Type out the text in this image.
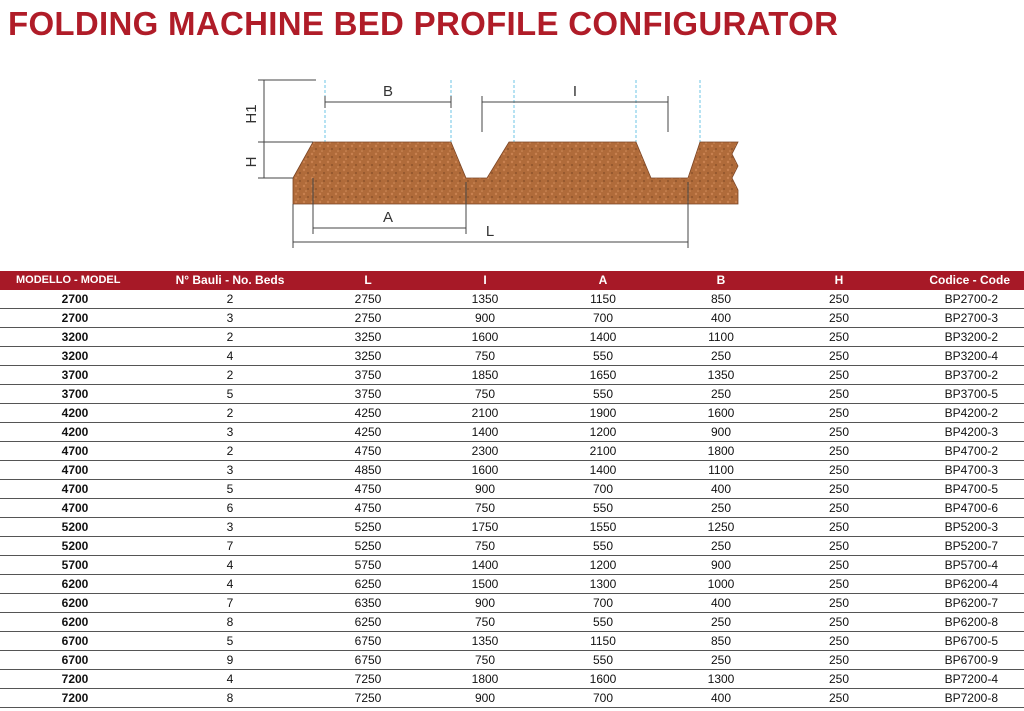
FOLDING MACHINE BED PROFILE CONFIGURATOR
B	I
A
L
H1
H
MODELLO - MODEL	N° Bauli - No. Beds	L	I	A	B	H	Codice - Code
2700	2	2750	1350	1150	850	250	BP2700-2
2700	3	2750	900	700	400	250	BP2700-3
3200	2	3250	1600	1400	1100	250	BP3200-2
3200	4	3250	750	550	250	250	BP3200-4
3700	2	3750	1850	1650	1350	250	BP3700-2
3700	5	3750	750	550	250	250	BP3700-5
4200	2	4250	2100	1900	1600	250	BP4200-2
4200	3	4250	1400	1200	900	250	BP4200-3
4700	2	4750	2300	2100	1800	250	BP4700-2
4700	3	4850	1600	1400	1100	250	BP4700-3
4700	5	4750	900	700	400	250	BP4700-5
4700	6	4750	750	550	250	250	BP4700-6
5200	3	5250	1750	1550	1250	250	BP5200-3
5200	7	5250	750	550	250	250	BP5200-7
5700	4	5750	1400	1200	900	250	BP5700-4
6200	4	6250	1500	1300	1000	250	BP6200-4
6200	7	6350	900	700	400	250	BP6200-7
6200	8	6250	750	550	250	250	BP6200-8
6700	5	6750	1350	1150	850	250	BP6700-5
6700	9	6750	750	550	250	250	BP6700-9
7200	4	7250	1800	1600	1300	250	BP7200-4
7200	8	7250	900	700	400	250	BP7200-8
